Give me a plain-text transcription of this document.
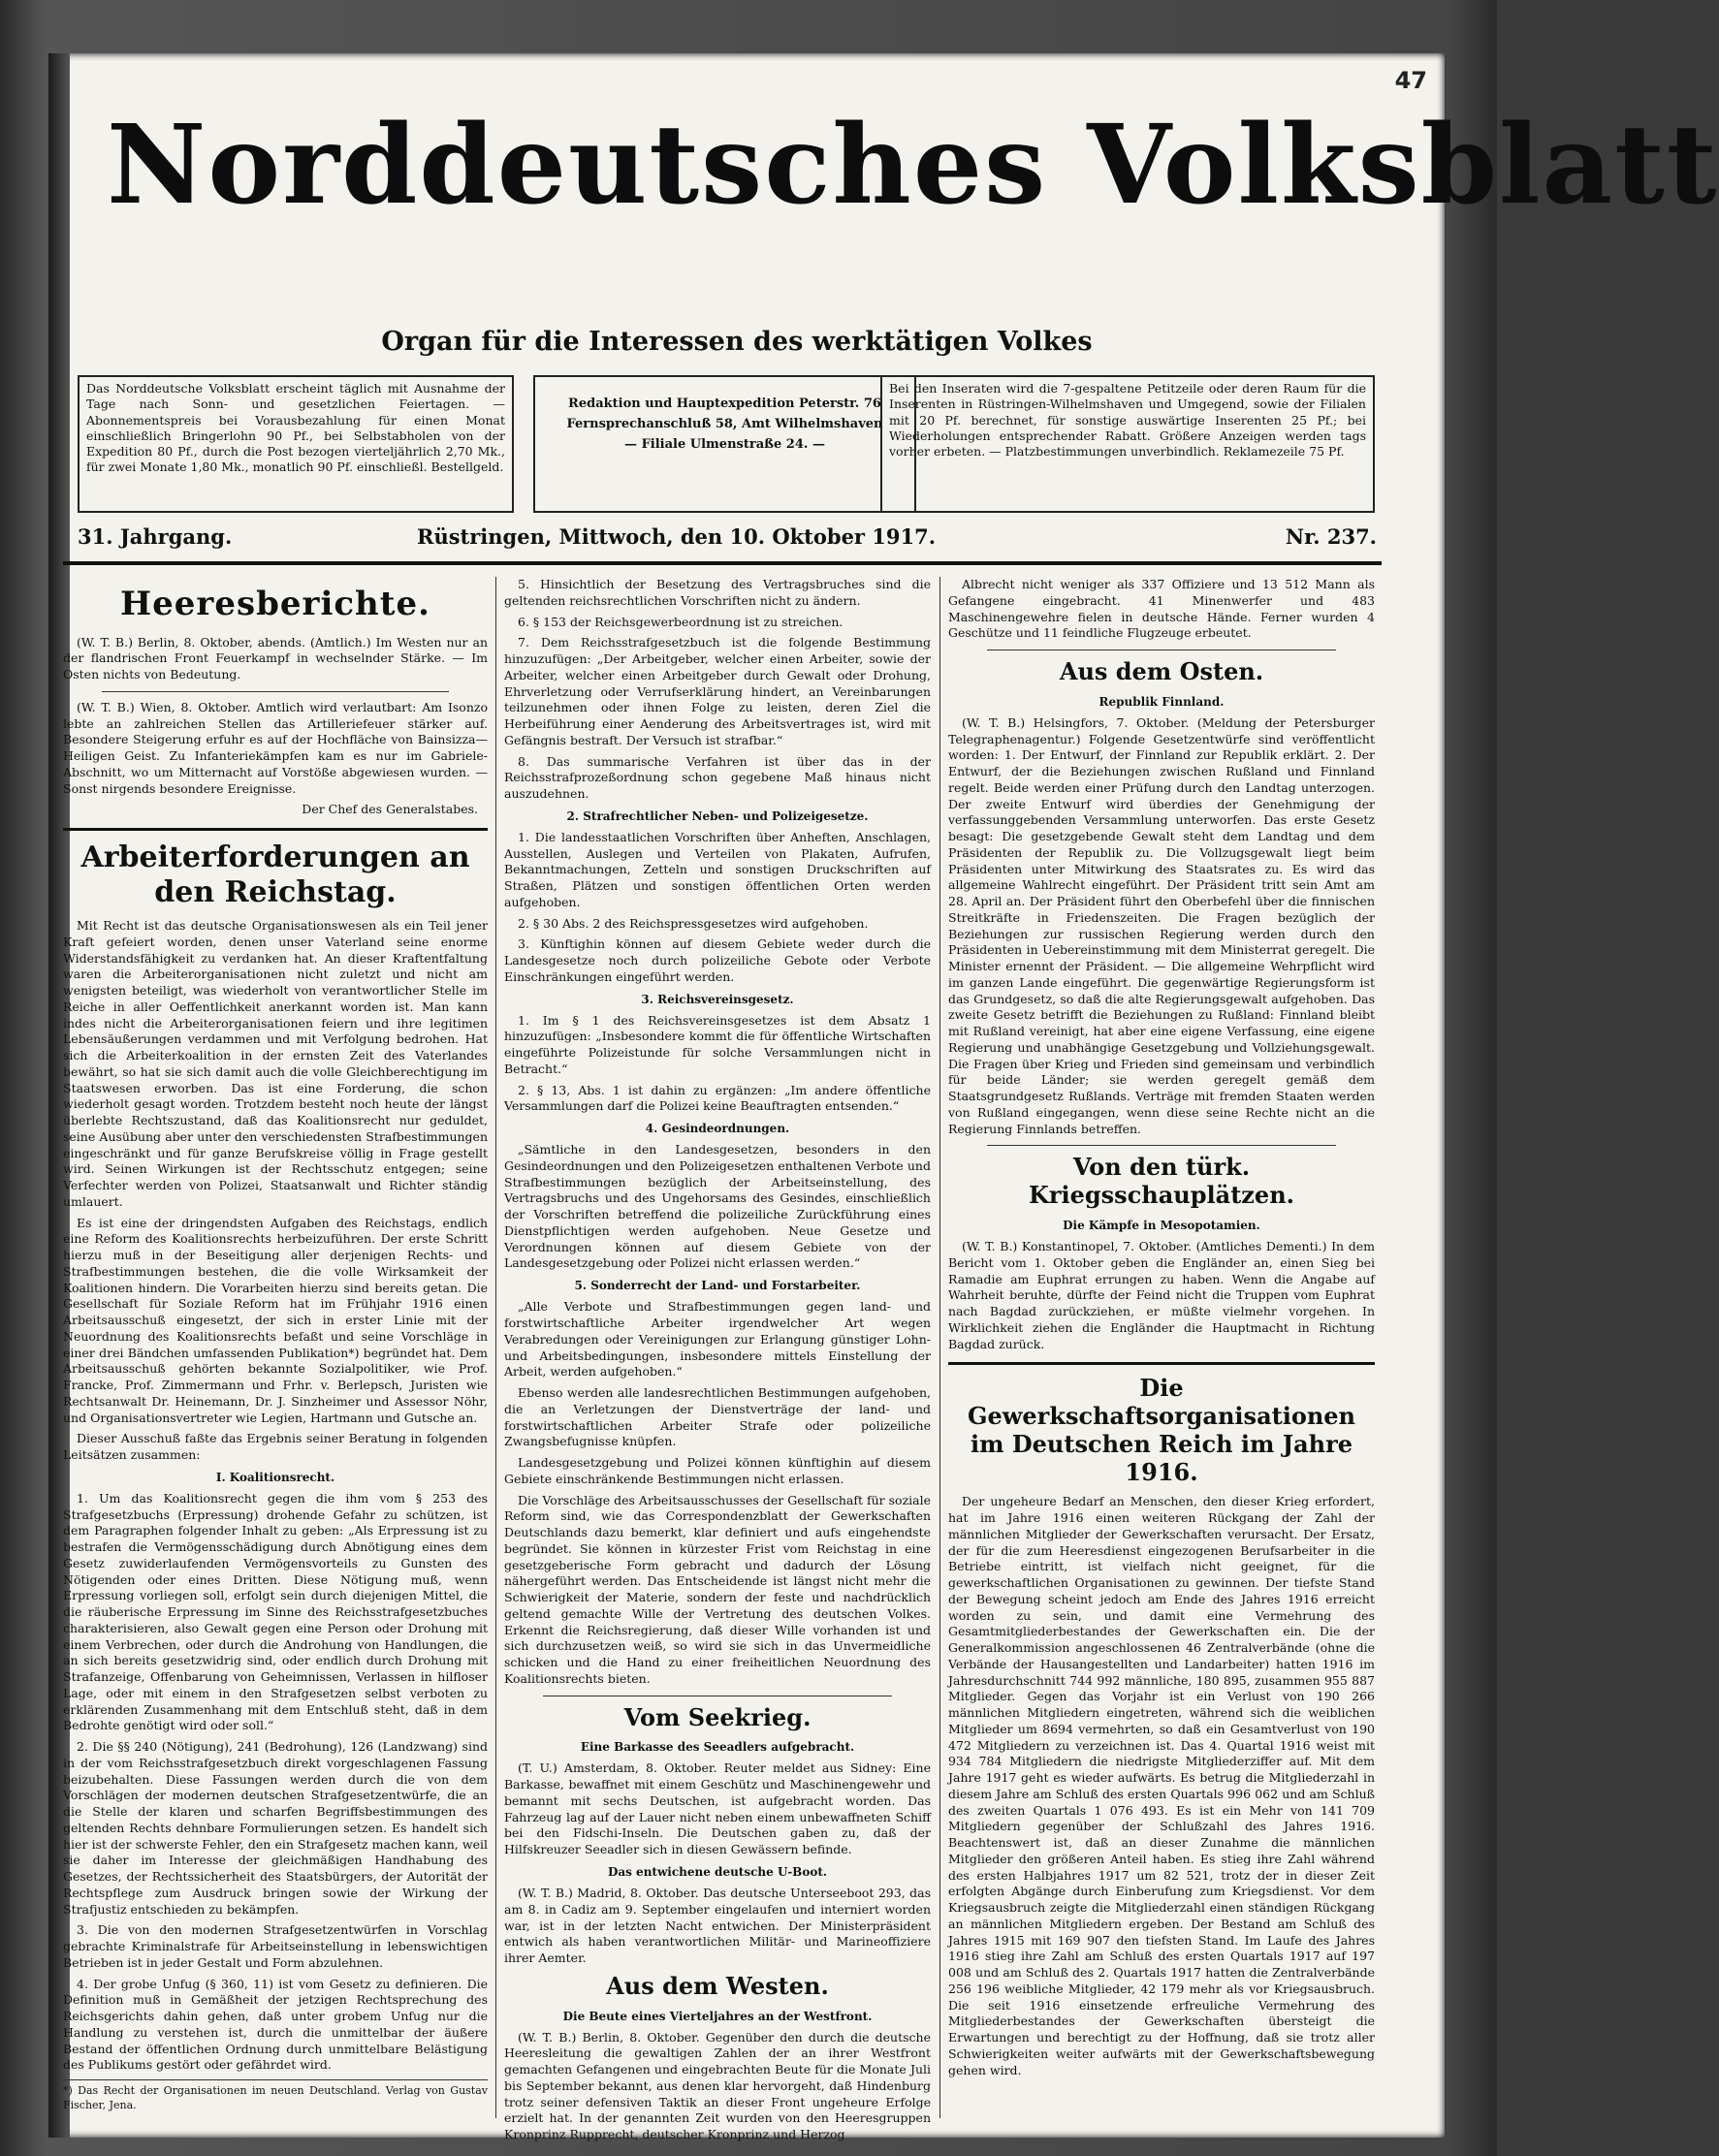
47
Norddeutsches Volksblatt
Organ für die Interessen des werktätigen Volkes
Das Norddeutsche Volksblatt erscheint täglich mit Ausnahme der Tage nach Sonn- und gesetzlichen Feiertagen. — Abonnementspreis bei Vorausbezahlung für einen Monat einschließlich Bringerlohn 90 Pf., bei Selbstabholen von der Expedition 80 Pf., durch die Post bezogen vierteljährlich 2,70 Mk., für zwei Monate 1,80 Mk., monatlich 90 Pf. einschließl. Bestellgeld.
Redaktion und Hauptexpedition Peterstr. 76
Fernsprechanschluß 58, Amt Wilhelmshaven
— Filiale Ulmenstraße 24. —
Bei den Inseraten wird die 7-gespaltene Petitzeile oder deren Raum für die Inserenten in Rüstringen-Wilhelmshaven und Umgegend, sowie der Filialen mit 20 Pf. berechnet, für sonstige auswärtige Inserenten 25 Pf.; bei Wiederholungen entsprechender Rabatt. Größere Anzeigen werden tags vorher erbeten. — Platzbestimmungen unverbindlich. Reklamezeile 75 Pf.
31. Jahrgang.	Rüstringen, Mittwoch, den 10. Oktober 1917.	Nr. 237.
Heeresberichte.

(W. T. B.) Berlin, 8. Oktober, abends. (Amtlich.) Im Westen nur an der flandrischen Front Feuerkampf in wechselnder Stärke. — Im Osten nichts von Bedeutung.

(W. T. B.) Wien, 8. Oktober. Amtlich wird verlautbart: Am Isonzo lebte an zahlreichen Stellen das Artilleriefeuer stärker auf. Besondere Steigerung erfuhr es auf der Hochfläche von Bainsizza—Heiligen Geist. Zu Infanteriekämpfen kam es nur im Gabriele-Abschnitt, wo um Mitternacht auf Vorstöße abgewiesen wurden. — Sonst nirgends besondere Ereignisse.

Der Chef des Generalstabes.

Arbeiterforderungen an den Reichstag.

Mit Recht ist das deutsche Organisationswesen als ein Teil jener Kraft gefeiert worden, denen unser Vaterland seine enorme Widerstandsfähigkeit zu verdanken hat. An dieser Kraftentfaltung waren die Arbeiterorganisationen nicht zuletzt und nicht am wenigsten beteiligt, was wiederholt von verantwortlicher Stelle im Reiche in aller Oeffentlichkeit anerkannt worden ist. Man kann indes nicht die Arbeiterorganisationen feiern und ihre legitimen Lebensäußerungen verdammen und mit Verfolgung bedrohen. Hat sich die Arbeiterkoalition in der ernsten Zeit des Vaterlandes bewährt, so hat sie sich damit auch die volle Gleichberechtigung im Staatswesen erworben. Das ist eine Forderung, die schon wiederholt gesagt worden. Trotzdem besteht noch heute der längst überlebte Rechtszustand, daß das Koalitionsrecht nur geduldet, seine Ausübung aber unter den verschiedensten Strafbestimmungen eingeschränkt und für ganze Berufskreise völlig in Frage gestellt wird. Seinen Wirkungen ist der Rechtsschutz entgegen; seine Verfechter werden von Polizei, Staatsanwalt und Richter ständig umlauert.

Es ist eine der dringendsten Aufgaben des Reichstags, endlich eine Reform des Koalitionsrechts herbeizuführen. Der erste Schritt hierzu muß in der Beseitigung aller derjenigen Rechts- und Strafbestimmungen bestehen, die die volle Wirksamkeit der Koalitionen hindern. Die Vorarbeiten hierzu sind bereits getan. Die Gesellschaft für Soziale Reform hat im Frühjahr 1916 einen Arbeitsausschuß eingesetzt, der sich in erster Linie mit der Neuordnung des Koalitionsrechts befaßt und seine Vorschläge in einer drei Bändchen umfassenden Publikation*) begründet hat. Dem Arbeitsausschuß gehörten bekannte Sozialpolitiker, wie Prof. Francke, Prof. Zimmermann und Frhr. v. Berlepsch, Juristen wie Rechtsanwalt Dr. Heinemann, Dr. J. Sinzheimer und Assessor Nöhr, und Organisationsvertreter wie Legien, Hartmann und Gutsche an.

Dieser Ausschuß faßte das Ergebnis seiner Beratung in folgenden Leitsätzen zusammen:

I. Koalitionsrecht.

1. Um das Koalitionsrecht gegen die ihm vom § 253 des Strafgesetzbuchs (Erpressung) drohende Gefahr zu schützen, ist dem Paragraphen folgender Inhalt zu geben: „Als Erpressung ist zu bestrafen die Vermögensschädigung durch Abnötigung eines dem Gesetz zuwiderlaufenden Vermögensvorteils zu Gunsten des Nötigenden oder eines Dritten. Diese Nötigung muß, wenn Erpressung vorliegen soll, erfolgt sein durch diejenigen Mittel, die die räuberische Erpressung im Sinne des Reichsstrafgesetzbuches charakterisieren, also Gewalt gegen eine Person oder Drohung mit einem Verbrechen, oder durch die Androhung von Handlungen, die an sich bereits gesetzwidrig sind, oder endlich durch Drohung mit Strafanzeige, Offenbarung von Geheimnissen, Verlassen in hilfloser Lage, oder mit einem in den Strafgesetzen selbst verboten zu erklärenden Zusammenhang mit dem Entschluß steht, daß in dem Bedrohte genötigt wird oder soll.“

2. Die §§ 240 (Nötigung), 241 (Bedrohung), 126 (Landzwang) sind in der vom Reichsstrafgesetzbuch direkt vorgeschlagenen Fassung beizubehalten. Diese Fassungen werden durch die von dem Vorschlägen der modernen deutschen Strafgesetzentwürfe, die an die Stelle der klaren und scharfen Begriffsbestimmungen des geltenden Rechts dehnbare Formulierungen setzen. Es handelt sich hier ist der schwerste Fehler, den ein Strafgesetz machen kann, weil sie daher im Interesse der gleichmäßigen Handhabung des Gesetzes, der Rechtssicherheit des Staatsbürgers, der Autorität der Rechtspflege zum Ausdruck bringen sowie der Wirkung der Strafjustiz entschieden zu bekämpfen.

3. Die von den modernen Strafgesetzentwürfen in Vorschlag gebrachte Kriminalstrafe für Arbeitseinstellung in lebenswichtigen Betrieben ist in jeder Gestalt und Form abzulehnen.

4. Der grobe Unfug (§ 360, 11) ist vom Gesetz zu definieren. Die Definition muß in Gemäßheit der jetzigen Rechtsprechung des Reichsgerichts dahin gehen, daß unter grobem Unfug nur die Handlung zu verstehen ist, durch die unmittelbar der äußere Bestand der öffentlichen Ordnung durch unmittelbare Belästigung des Publikums gestört oder gefährdet wird.

*) Das Recht der Organisationen im neuen Deutschland. Verlag von Gustav Fischer, Jena.

5. Hinsichtlich der Besetzung des Vertragsbruches sind die geltenden reichsrechtlichen Vorschriften nicht zu ändern.

6. § 153 der Reichsgewerbeordnung ist zu streichen.

7. Dem Reichsstrafgesetzbuch ist die folgende Bestimmung hinzuzufügen: „Der Arbeitgeber, welcher einen Arbeiter, sowie der Arbeiter, welcher einen Arbeitgeber durch Gewalt oder Drohung, Ehrverletzung oder Verrufserklärung hindert, an Vereinbarungen teilzunehmen oder ihnen Folge zu leisten, deren Ziel die Herbeiführung einer Aenderung des Arbeitsvertrages ist, wird mit Gefängnis bestraft. Der Versuch ist strafbar.“

8. Das summarische Verfahren ist über das in der Reichsstrafprozeßordnung schon gegebene Maß hinaus nicht auszudehnen.

2. Strafrechtlicher Neben- und Polizeigesetze.

1. Die landesstaatlichen Vorschriften über Anheften, Anschlagen, Ausstellen, Auslegen und Verteilen von Plakaten, Aufrufen, Bekanntmachungen, Zetteln und sonstigen Druckschriften auf Straßen, Plätzen und sonstigen öffentlichen Orten werden aufgehoben.

2. § 30 Abs. 2 des Reichspressgesetzes wird aufgehoben.

3. Künftighin können auf diesem Gebiete weder durch die Landesgesetze noch durch polizeiliche Gebote oder Verbote Einschränkungen eingeführt werden.

3. Reichsvereinsgesetz.

1. Im § 1 des Reichsvereinsgesetzes ist dem Absatz 1 hinzuzufügen: „Insbesondere kommt die für öffentliche Wirtschaften eingeführte Polizeistunde für solche Versammlungen nicht in Betracht.“

2. § 13, Abs. 1 ist dahin zu ergänzen: „Im andere öffentliche Versammlungen darf die Polizei keine Beauftragten entsenden.“

4. Gesindeordnungen.

„Sämtliche in den Landesgesetzen, besonders in den Gesindeordnungen und den Polizeigesetzen enthaltenen Verbote und Strafbestimmungen bezüglich der Arbeitseinstellung, des Vertragsbruchs und des Ungehorsams des Gesindes, einschließlich der Vorschriften betreffend die polizeiliche Zurückführung eines Dienstpflichtigen werden aufgehoben. Neue Gesetze und Verordnungen können auf diesem Gebiete von der Landesgesetzgebung oder Polizei nicht erlassen werden.“

5. Sonderrecht der Land- und Forstarbeiter.

„Alle Verbote und Strafbestimmungen gegen land- und forstwirtschaftliche Arbeiter irgendwelcher Art wegen Verabredungen oder Vereinigungen zur Erlangung günstiger Lohn- und Arbeitsbedingungen, insbesondere mittels Einstellung der Arbeit, werden aufgehoben.“

Ebenso werden alle landesrechtlichen Bestimmungen aufgehoben, die an Verletzungen der Dienstverträge der land- und forstwirtschaftlichen Arbeiter Strafe oder polizeiliche Zwangsbefugnisse knüpfen.

Landesgesetzgebung und Polizei können künftighin auf diesem Gebiete einschränkende Bestimmungen nicht erlassen.

Die Vorschläge des Arbeitsausschusses der Gesellschaft für soziale Reform sind, wie das Correspondenzblatt der Gewerkschaften Deutschlands dazu bemerkt, klar definiert und aufs eingehendste begründet. Sie können in kürzester Frist vom Reichstag in eine gesetzgeberische Form gebracht und dadurch der Lösung nähergeführt werden. Das Entscheidende ist längst nicht mehr die Schwierigkeit der Materie, sondern der feste und nachdrücklich geltend gemachte Wille der Vertretung des deutschen Volkes. Erkennt die Reichsregierung, daß dieser Wille vorhanden ist und sich durchzusetzen weiß, so wird sie sich in das Unvermeidliche schicken und die Hand zu einer freiheitlichen Neuordnung des Koalitionsrechts bieten.

Vom Seekrieg.
Eine Barkasse des Seeadlers aufgebracht.

(T. U.) Amsterdam, 8. Oktober. Reuter meldet aus Sidney: Eine Barkasse, bewaffnet mit einem Geschütz und Maschinengewehr und bemannt mit sechs Deutschen, ist aufgebracht worden. Das Fahrzeug lag auf der Lauer nicht neben einem unbewaffneten Schiff bei den Fidschi-Inseln. Die Deutschen gaben zu, daß der Hilfskreuzer Seeadler sich in diesen Gewässern befinde.

Das entwichene deutsche U-Boot.

(W. T. B.) Madrid, 8. Oktober. Das deutsche Unterseeboot 293, das am 8. in Cadiz am 9. September eingelaufen und interniert worden war, ist in der letzten Nacht entwichen. Der Ministerpräsident entwich als haben verantwortlichen Militär- und Marineoffiziere ihrer Aemter.

Aus dem Westen.
Die Beute eines Vierteljahres an der Westfront.

(W. T. B.) Berlin, 8. Oktober. Gegenüber den durch die deutsche Heeresleitung die gewaltigen Zahlen der an ihrer Westfront gemachten Gefangenen und eingebrachten Beute für die Monate Juli bis September bekannt, aus denen klar hervorgeht, daß Hindenburg trotz seiner defensiven Taktik an dieser Front ungeheure Erfolge erzielt hat. In der genannten Zeit wurden von den Heeresgruppen Kronprinz Rupprecht, deutscher Kronprinz und Herzog

Albrecht nicht weniger als 337 Offiziere und 13 512 Mann als Gefangene eingebracht. 41 Minenwerfer und 483 Maschinengewehre fielen in deutsche Hände. Ferner wurden 4 Geschütze und 11 feindliche Flugzeuge erbeutet.

Aus dem Osten.
Republik Finnland.

(W. T. B.) Helsingfors, 7. Oktober. (Meldung der Petersburger Telegraphenagentur.) Folgende Gesetzentwürfe sind veröffentlicht worden: 1. Der Entwurf, der Finnland zur Republik erklärt. 2. Der Entwurf, der die Beziehungen zwischen Rußland und Finnland regelt. Beide werden einer Prüfung durch den Landtag unterzogen. Der zweite Entwurf wird überdies der Genehmigung der verfassunggebenden Versammlung unterworfen. Das erste Gesetz besagt: Die gesetzgebende Gewalt steht dem Landtag und dem Präsidenten der Republik zu. Die Vollzugsgewalt liegt beim Präsidenten unter Mitwirkung des Staatsrates zu. Es wird das allgemeine Wahlrecht eingeführt. Der Präsident tritt sein Amt am 28. April an. Der Präsident führt den Oberbefehl über die finnischen Streitkräfte in Friedenszeiten. Die Fragen bezüglich der Beziehungen zur russischen Regierung werden durch den Präsidenten in Uebereinstimmung mit dem Ministerrat geregelt. Die Minister ernennt der Präsident. — Die allgemeine Wehrpflicht wird im ganzen Lande eingeführt. Die gegenwärtige Regierungsform ist das Grundgesetz, so daß die alte Regierungsgewalt aufgehoben. Das zweite Gesetz betrifft die Beziehungen zu Rußland: Finnland bleibt mit Rußland vereinigt, hat aber eine eigene Verfassung, eine eigene Regierung und unabhängige Gesetzgebung und Vollziehungsgewalt. Die Fragen über Krieg und Frieden sind gemeinsam und verbindlich für beide Länder; sie werden geregelt gemäß dem Staatsgrundgesetz Rußlands. Verträge mit fremden Staaten werden von Rußland eingegangen, wenn diese seine Rechte nicht an die Regierung Finnlands betreffen.

Von den türk. Kriegsschauplätzen.
Die Kämpfe in Mesopotamien.

(W. T. B.) Konstantinopel, 7. Oktober. (Amtliches Dementi.) In dem Bericht vom 1. Oktober geben die Engländer an, einen Sieg bei Ramadie am Euphrat errungen zu haben. Wenn die Angabe auf Wahrheit beruhte, dürfte der Feind nicht die Truppen vom Euphrat nach Bagdad zurückziehen, er müßte vielmehr vorgehen. In Wirklichkeit ziehen die Engländer die Hauptmacht in Richtung Bagdad zurück.

Die Gewerkschaftsorganisationen im Deutschen Reich im Jahre 1916.

Der ungeheure Bedarf an Menschen, den dieser Krieg erfordert, hat im Jahre 1916 einen weiteren Rückgang der Zahl der männlichen Mitglieder der Gewerkschaften verursacht. Der Ersatz, der für die zum Heeresdienst eingezogenen Berufsarbeiter in die Betriebe eintritt, ist vielfach nicht geeignet, für die gewerkschaftlichen Organisationen zu gewinnen. Der tiefste Stand der Bewegung scheint jedoch am Ende des Jahres 1916 erreicht worden zu sein, und damit eine Vermehrung des Gesamtmitgliederbestandes der Gewerkschaften ein. Die der Generalkommission angeschlossenen 46 Zentralverbände (ohne die Verbände der Hausangestellten und Landarbeiter) hatten 1916 im Jahresdurchschnitt 744 992 männliche, 180 895, zusammen 955 887 Mitglieder. Gegen das Vorjahr ist ein Verlust von 190 266 männlichen Mitgliedern eingetreten, während sich die weiblichen Mitglieder um 8694 vermehrten, so daß ein Gesamtverlust von 190 472 Mitgliedern zu verzeichnen ist. Das 4. Quartal 1916 weist mit 934 784 Mitgliedern die niedrigste Mitgliederziffer auf. Mit dem Jahre 1917 geht es wieder aufwärts. Es betrug die Mitgliederzahl in diesem Jahre am Schluß des ersten Quartals 996 062 und am Schluß des zweiten Quartals 1 076 493. Es ist ein Mehr von 141 709 Mitgliedern gegenüber der Schlußzahl des Jahres 1916. Beachtenswert ist, daß an dieser Zunahme die männlichen Mitglieder den größeren Anteil haben. Es stieg ihre Zahl während des ersten Halbjahres 1917 um 82 521, trotz der in dieser Zeit erfolgten Abgänge durch Einberufung zum Kriegsdienst. Vor dem Kriegsausbruch zeigte die Mitgliederzahl einen ständigen Rückgang an männlichen Mitgliedern ergeben. Der Bestand am Schluß des Jahres 1915 mit 169 907 den tiefsten Stand. Im Laufe des Jahres 1916 stieg ihre Zahl am Schluß des ersten Quartals 1917 auf 197 008 und am Schluß des 2. Quartals 1917 hatten die Zentralverbände 256 196 weibliche Mitglieder, 42 179 mehr als vor Kriegsausbruch. Die seit 1916 einsetzende erfreuliche Vermehrung des Mitgliederbestandes der Gewerkschaften übersteigt die Erwartungen und berechtigt zu der Hoffnung, daß sie trotz aller Schwierigkeiten weiter aufwärts mit der Gewerkschaftsbewegung gehen wird.
